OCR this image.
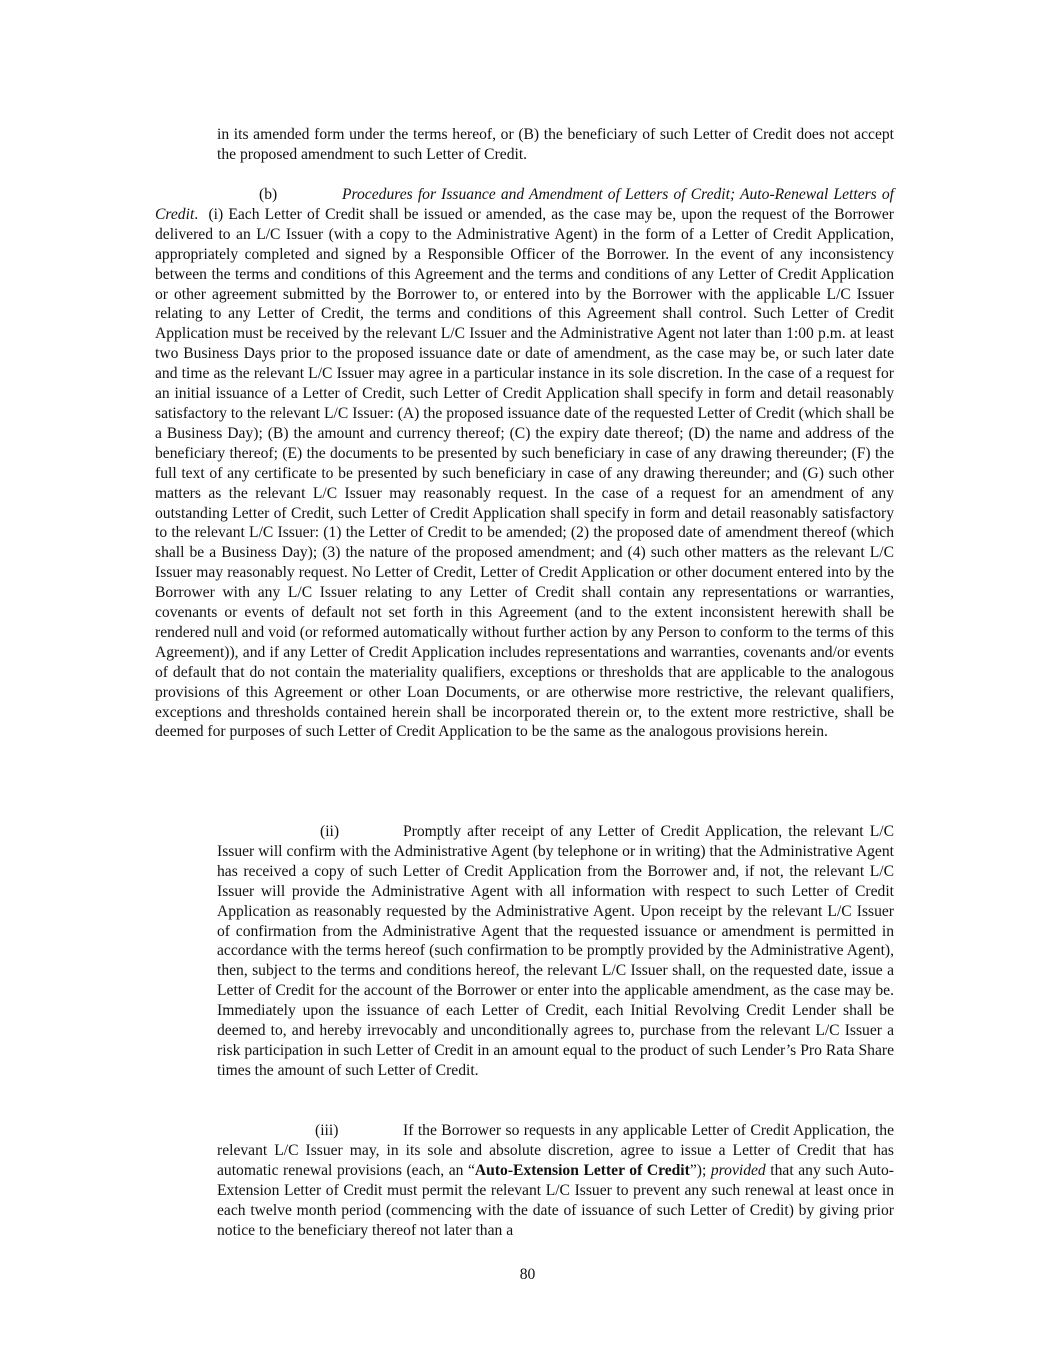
in its amended form under the terms hereof, or (B) the beneficiary of such Letter of Credit does not accept the proposed amendment to such Letter of Credit.

(b)	Procedures for Issuance and Amendment of Letters of Credit; Auto-Renewal Letters of Credit. (i) Each Letter of Credit shall be issued or amended, as the case may be, upon the request of the Borrower delivered to an L/C Issuer (with a copy to the Administrative Agent) in the form of a Letter of Credit Application, appropriately completed and signed by a Responsible Officer of the Borrower. In the event of any inconsistency between the terms and conditions of this Agreement and the terms and conditions of any Letter of Credit Application or other agreement submitted by the Borrower to, or entered into by the Borrower with the applicable L/C Issuer relating to any Letter of Credit, the terms and conditions of this Agreement shall control. Such Letter of Credit Application must be received by the relevant L/C Issuer and the Administrative Agent not later than 1:00 p.m. at least two Business Days prior to the proposed issuance date or date of amendment, as the case may be, or such later date and time as the relevant L/C Issuer may agree in a particular instance in its sole discretion. In the case of a request for an initial issuance of a Letter of Credit, such Letter of Credit Application shall specify in form and detail reasonably satisfactory to the relevant L/C Issuer: (A) the proposed issuance date of the requested Letter of Credit (which shall be a Business Day); (B) the amount and currency thereof; (C) the expiry date thereof; (D) the name and address of the beneficiary thereof; (E) the documents to be presented by such beneficiary in case of any drawing thereunder; (F) the full text of any certificate to be presented by such beneficiary in case of any drawing thereunder; and (G) such other matters as the relevant L/C Issuer may reasonably request. In the case of a request for an amendment of any outstanding Letter of Credit, such Letter of Credit Application shall specify in form and detail reasonably satisfactory to the relevant L/C Issuer: (1) the Letter of Credit to be amended; (2) the proposed date of amendment thereof (which shall be a Business Day); (3) the nature of the proposed amendment; and (4) such other matters as the relevant L/C Issuer may reasonably request. No Letter of Credit, Letter of Credit Application or other document entered into by the Borrower with any L/C Issuer relating to any Letter of Credit shall contain any representations or warranties, covenants or events of default not set forth in this Agreement (and to the extent inconsistent herewith shall be rendered null and void (or reformed automatically without further action by any Person to conform to the terms of this Agreement)), and if any Letter of Credit Application includes representations and warranties, covenants and/or events of default that do not contain the materiality qualifiers, exceptions or thresholds that are applicable to the analogous provisions of this Agreement or other Loan Documents, or are otherwise more restrictive, the relevant qualifiers, exceptions and thresholds contained herein shall be incorporated therein or, to the extent more restrictive, shall be deemed for purposes of such Letter of Credit Application to be the same as the analogous provisions herein.

(ii)	Promptly after receipt of any Letter of Credit Application, the relevant L/C Issuer will confirm with the Administrative Agent (by telephone or in writing) that the Administrative Agent has received a copy of such Letter of Credit Application from the Borrower and, if not, the relevant L/C Issuer will provide the Administrative Agent with all information with respect to such Letter of Credit Application as reasonably requested by the Administrative Agent. Upon receipt by the relevant L/C Issuer of confirmation from the Administrative Agent that the requested issuance or amendment is permitted in accordance with the terms hereof (such confirmation to be promptly provided by the Administrative Agent), then, subject to the terms and conditions hereof, the relevant L/C Issuer shall, on the requested date, issue a Letter of Credit for the account of the Borrower or enter into the applicable amendment, as the case may be. Immediately upon the issuance of each Letter of Credit, each Initial Revolving Credit Lender shall be deemed to, and hereby irrevocably and unconditionally agrees to, purchase from the relevant L/C Issuer a risk participation in such Letter of Credit in an amount equal to the product of such Lender’s Pro Rata Share times the amount of such Letter of Credit.

(iii)	If the Borrower so requests in any applicable Letter of Credit Application, the relevant L/C Issuer may, in its sole and absolute discretion, agree to issue a Letter of Credit that has automatic renewal provisions (each, an “Auto-Extension Letter of Credit”); provided that any such Auto-Extension Letter of Credit must permit the relevant L/C Issuer to prevent any such renewal at least once in each twelve month period (commencing with the date of issuance of such Letter of Credit) by giving prior notice to the beneficiary thereof not later than a

80
